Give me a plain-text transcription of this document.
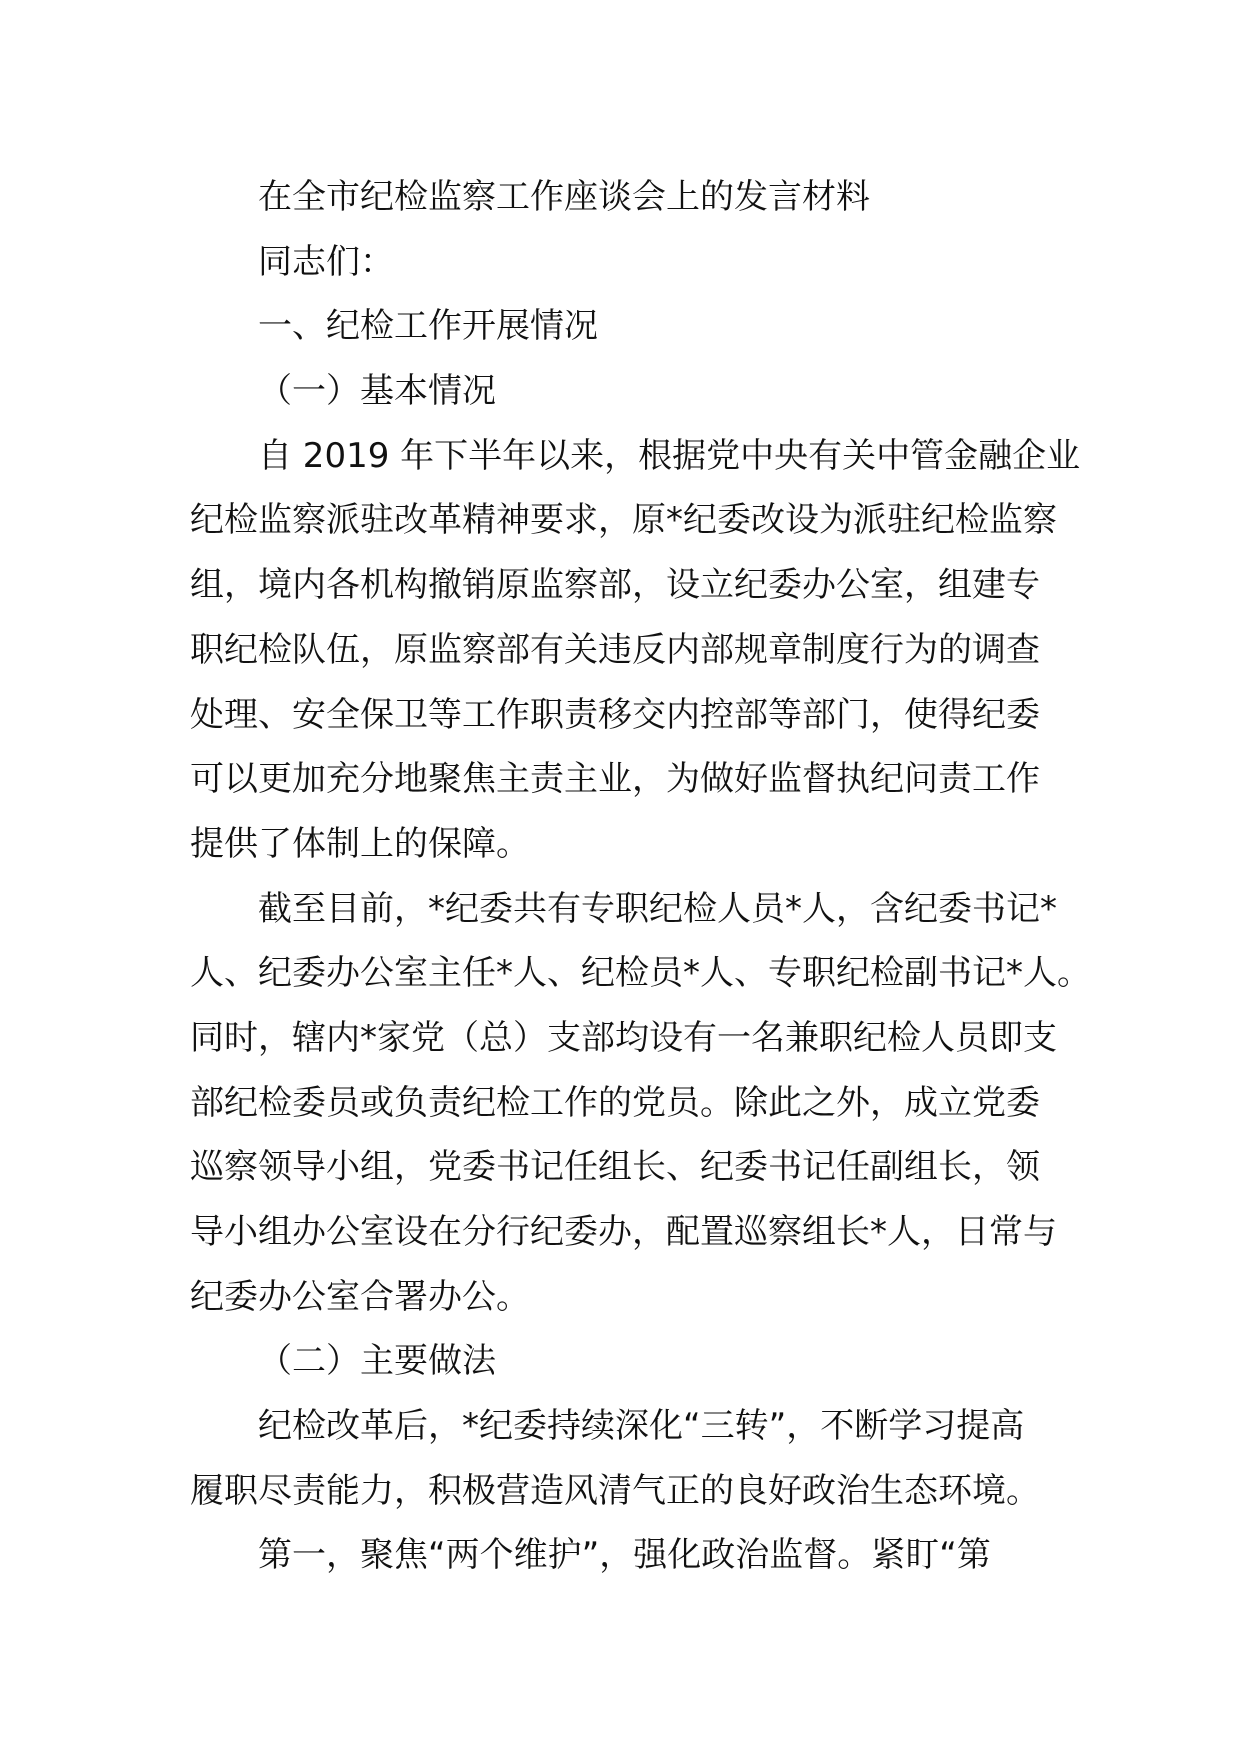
在全市纪检监察工作座谈会上的发言材料
同志们：
一、纪检工作开展情况
（一）基本情况
自 2019 年下半年以来，根据党中央有关中管金融企业
纪检监察派驻改革精神要求，原*纪委改设为派驻纪检监察
组，境内各机构撤销原监察部，设立纪委办公室，组建专
职纪检队伍，原监察部有关违反内部规章制度行为的调查
处理、安全保卫等工作职责移交内控部等部门，使得纪委
可以更加充分地聚焦主责主业，为做好监督执纪问责工作
提供了体制上的保障。
截至目前，*纪委共有专职纪检人员*人，含纪委书记*
人、纪委办公室主任*人、纪检员*人、专职纪检副书记*人。
同时，辖内*家党（总）支部均设有一名兼职纪检人员即支
部纪检委员或负责纪检工作的党员。除此之外，成立党委
巡察领导小组，党委书记任组长、纪委书记任副组长，领
导小组办公室设在分行纪委办，配置巡察组长*人，日常与
纪委办公室合署办公。
（二）主要做法
纪检改革后，*纪委持续深化“三转”，不断学习提高
履职尽责能力，积极营造风清气正的良好政治生态环境。
第一，聚焦“两个维护”，强化政治监督。紧盯“第
